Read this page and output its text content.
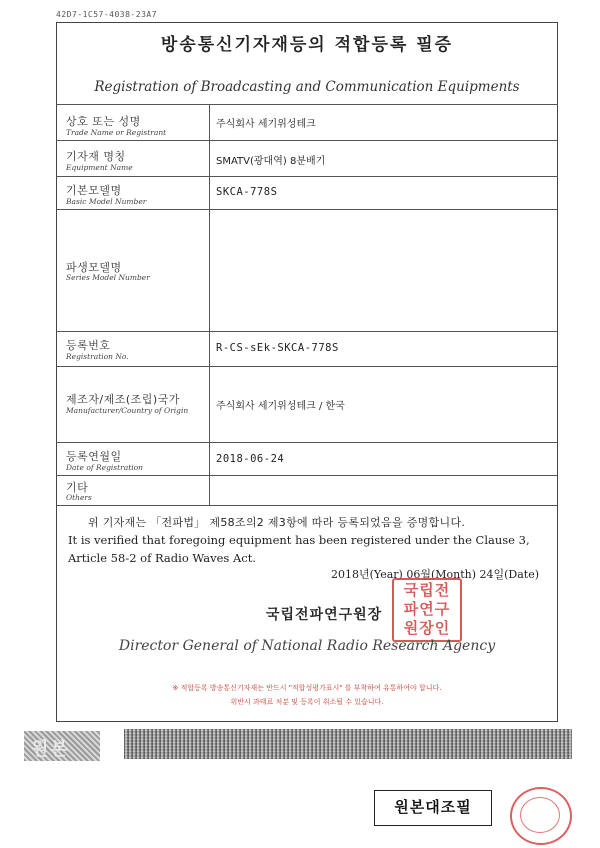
42D7-1C57-4038-23A7
방송통신기자재등의 적합등록 필증
Registration of Broadcasting and Communication Equipments
상호 또는 성명
Trade Name or Registrant
주식회사 세기위성테크
기자재 명칭
Equipment Name
SMATV(광대역) 8분배기
기본모델명
Basic Model Number
SKCA-778S
파생모델명
Series Model Number
등록번호
Registration No.
R-CS-sEk-SKCA-778S
제조자/제조(조립)국가
Manufacturer/Country of Origin	주식회사 세기위성테크 / 한국
등록연월일
Date of Registration
2018-06-24
기타
Others
위 기자재는 「전파법」 제58조의2 제3항에 따라 등록되었음을 증명합니다.
It is verified that foregoing equipment has been registered under the Clause 3,
Article 58-2 of Radio Waves Act.
2018년(Year) 06월(Month) 24일(Date)
국립전파연구원장
국립전
파연구
원장인
Director General of National Radio Research Agency
※ 적합등록 방송통신기자재는 반드시 "적합성평가표시" 를 부착하여 유통하여야 합니다.
위반시 과태료 처분 및 등록이 취소될 수 있습니다.
원본
원본대조필
